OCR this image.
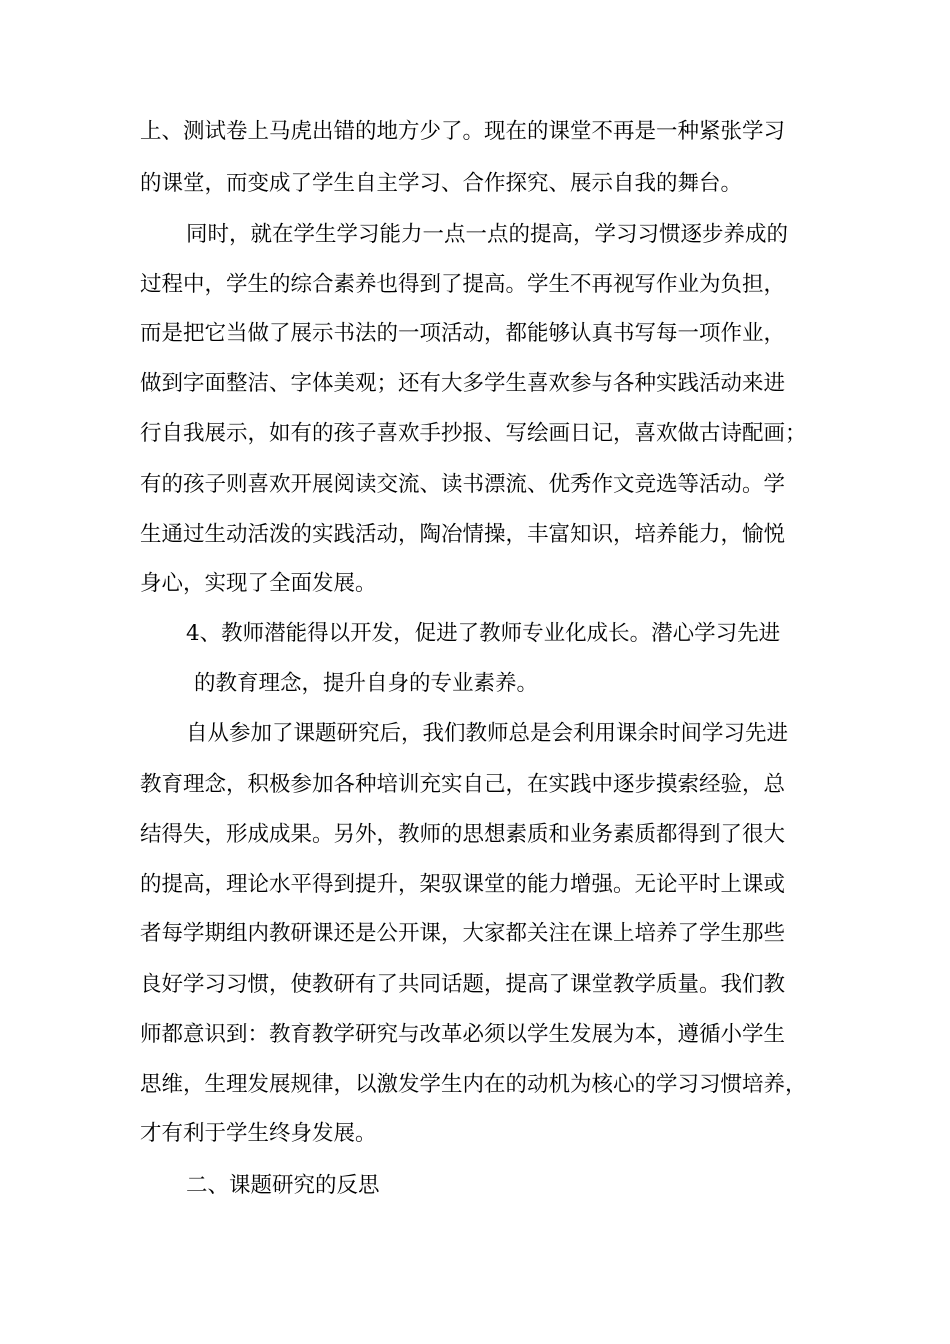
上、测试卷上马虎出错的地方少了。现在的课堂不再是一种紧张学习
的课堂，而变成了学生自主学习、合作探究、展示自我的舞台。
同时，就在学生学习能力一点一点的提高，学习习惯逐步养成的
过程中，学生的综合素养也得到了提高。学生不再视写作业为负担，
而是把它当做了展示书法的一项活动，都能够认真书写每一项作业，
做到字面整洁、字体美观；还有大多学生喜欢参与各种实践活动来进
行自我展示，如有的孩子喜欢手抄报、写绘画日记，喜欢做古诗配画；
有的孩子则喜欢开展阅读交流、读书漂流、优秀作文竞选等活动。学
生通过生动活泼的实践活动，陶冶情操，丰富知识，培养能力，愉悦
身心，实现了全面发展。
4、教师潜能得以开发，促进了教师专业化成长。潜心学习先进
的教育理念，提升自身的专业素养。
自从参加了课题研究后，我们教师总是会利用课余时间学习先进
教育理念，积极参加各种培训充实自己，在实践中逐步摸索经验，总
结得失，形成成果。另外，教师的思想素质和业务素质都得到了很大
的提高，理论水平得到提升，架驭课堂的能力增强。无论平时上课或
者每学期组内教研课还是公开课，大家都关注在课上培养了学生那些
良好学习习惯，使教研有了共同话题，提高了课堂教学质量。我们教
师都意识到：教育教学研究与改革必须以学生发展为本，遵循小学生
思维，生理发展规律，以激发学生内在的动机为核心的学习习惯培养，
才有利于学生终身发展。
二、课题研究的反思
